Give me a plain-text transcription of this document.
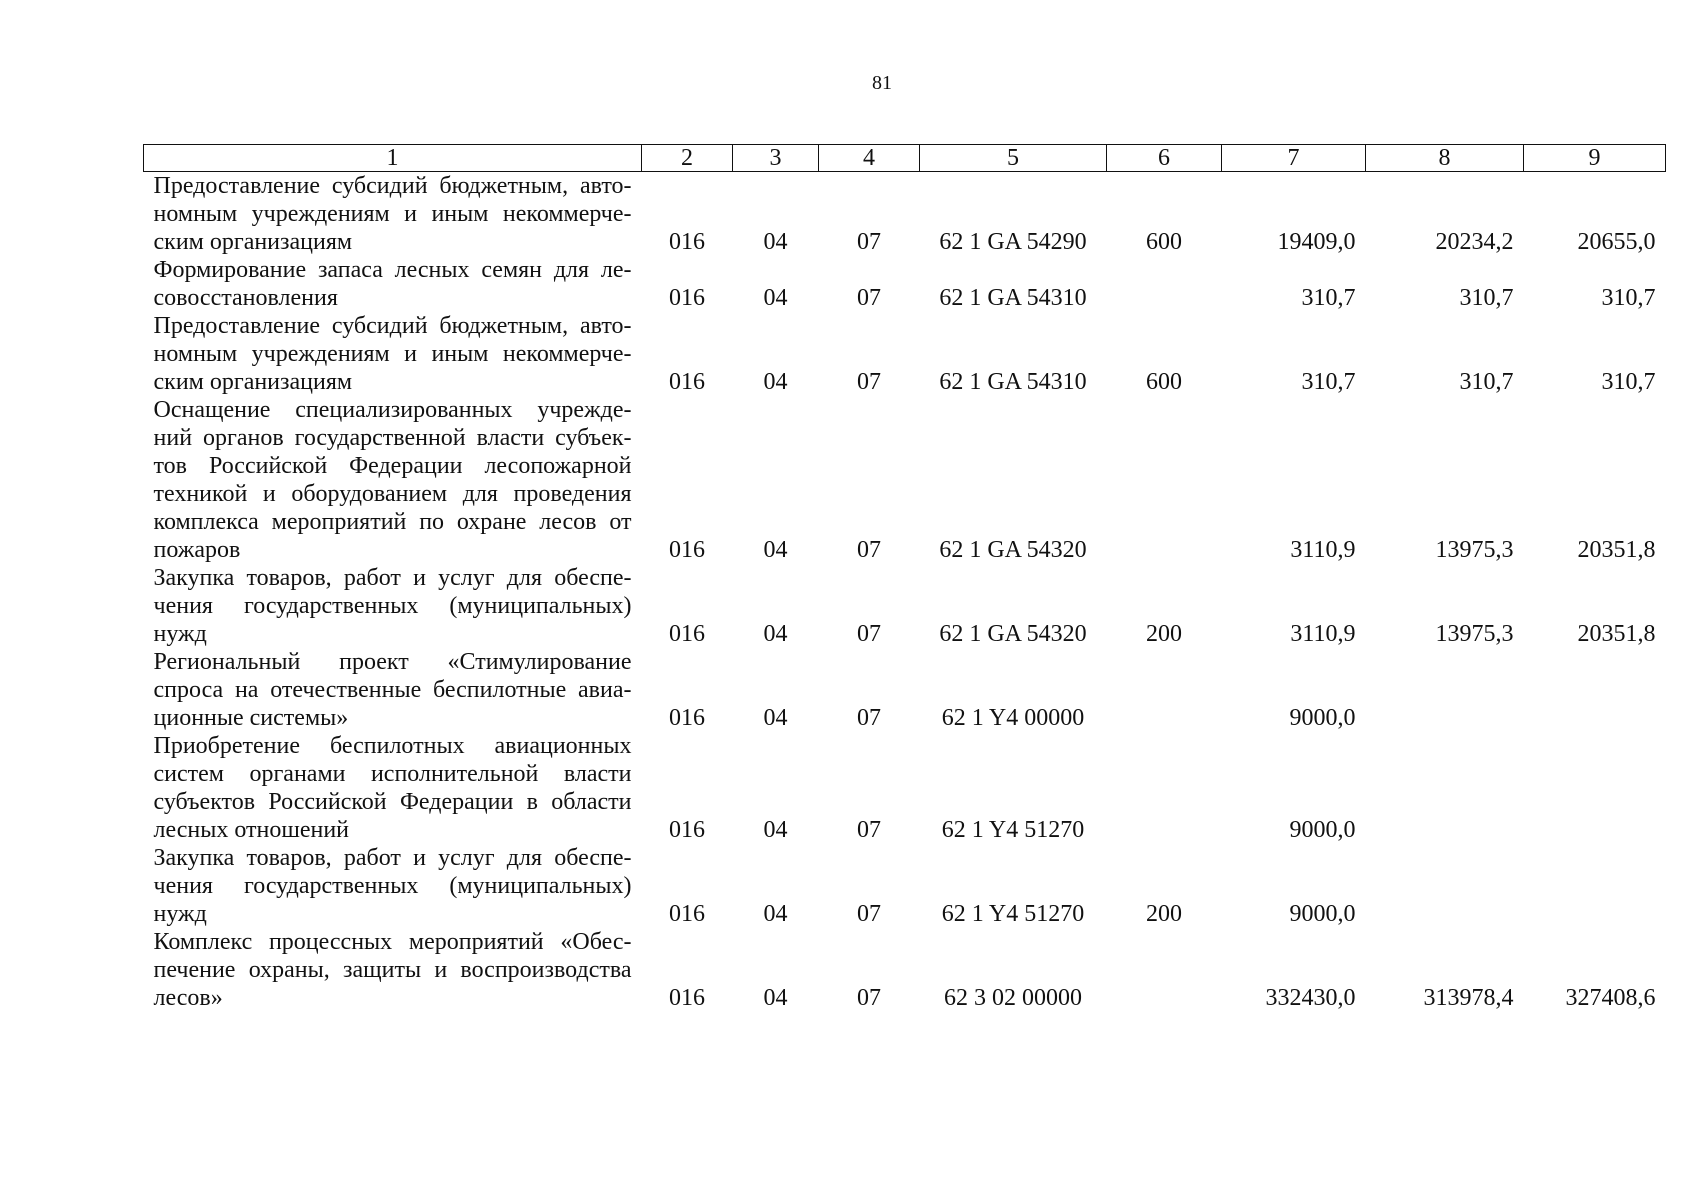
81
1	2	3	4	5	6	7	8	9
Предоставление субсидий бюджетным, авто-номным учреждениям и иным некоммерче-ским организациям	016	04	07	62 1 GA 54290	600	19409,0	20234,2	20655,0
Формирование запаса лесных семян для ле-совосстановления	016	04	07	62 1 GA 54310		310,7	310,7	310,7
Предоставление субсидий бюджетным, авто-номным учреждениям и иным некоммерче-ским организациям	016	04	07	62 1 GA 54310	600	310,7	310,7	310,7
Оснащение специализированных учрежде-ний органов государственной власти субъек-тов Российской Федерации лесопожарной техникой и оборудованием для проведения комплекса мероприятий по охране лесов от пожаров	016	04	07	62 1 GA 54320		3110,9	13975,3	20351,8
Закупка товаров, работ и услуг для обеспе-чения государственных (муниципальных) нужд	016	04	07	62 1 GA 54320	200	3110,9	13975,3	20351,8
Региональный проект «Стимулирование спроса на отечественные беспилотные авиа-ционные системы»	016	04	07	62 1 Y4 00000		9000,0		
Приобретение беспилотных авиационных систем органами исполнительной власти субъектов Российской Федерации в области лесных отношений	016	04	07	62 1 Y4 51270		9000,0		
Закупка товаров, работ и услуг для обеспе-чения государственных (муниципальных) нужд	016	04	07	62 1 Y4 51270	200	9000,0		
Комплекс процессных мероприятий «Обес-печение охраны, защиты и воспроизводства лесов»	016	04	07	62 3 02 00000		332430,0	313978,4	327408,6
